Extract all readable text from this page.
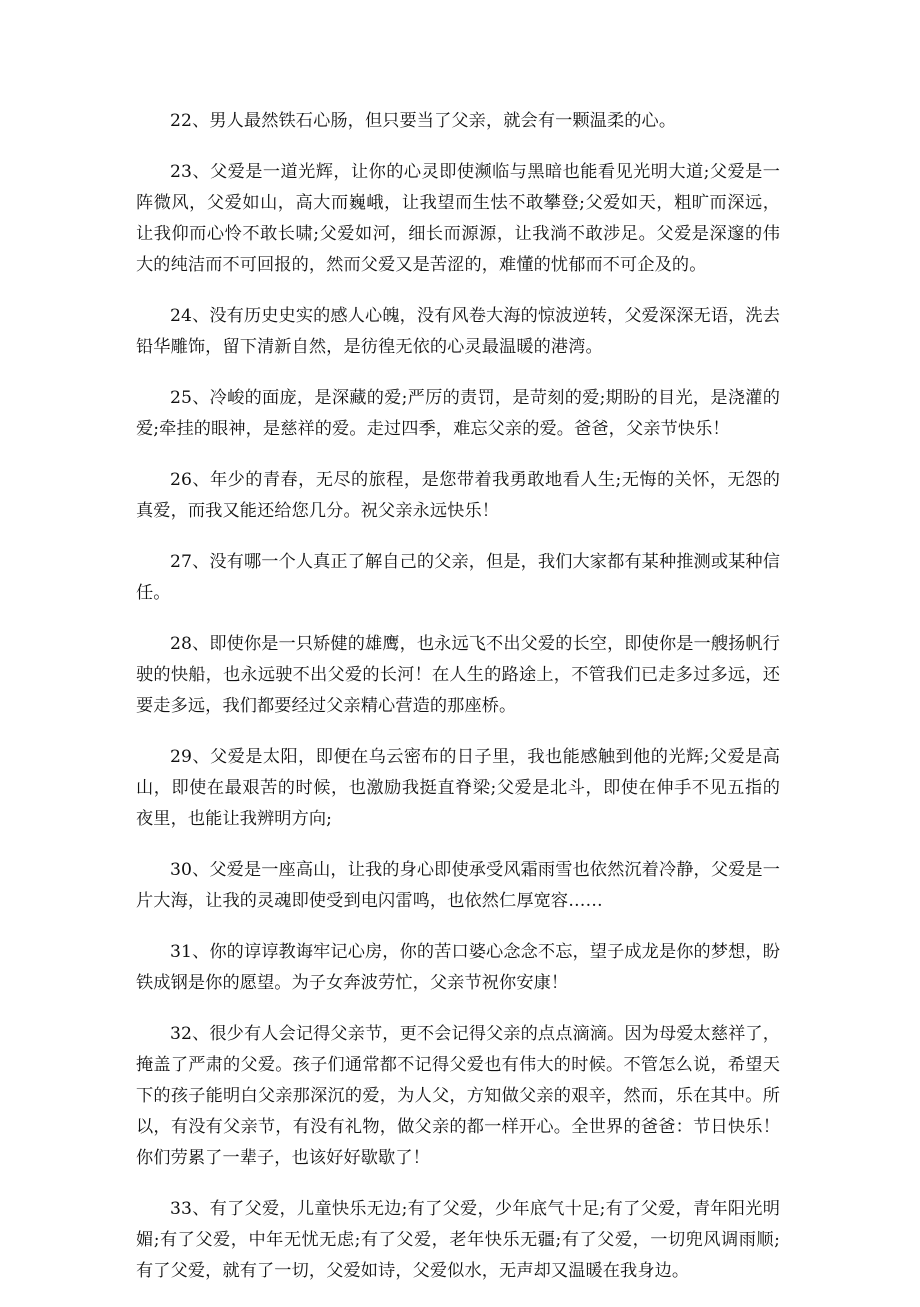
22、男人最然铁石心肠，但只要当了父亲，就会有一颗温柔的心。

23、父爱是一道光辉，让你的心灵即使濒临与黑暗也能看见光明大道;父爱是一阵微风，父爱如山，高大而巍峨，让我望而生怯不敢攀登;父爱如天，粗旷而深远，让我仰而心怜不敢长啸;父爱如河，细长而源源，让我淌不敢涉足。父爱是深邃的伟大的纯洁而不可回报的，然而父爱又是苦涩的，难懂的忧郁而不可企及的。

24、没有历史史实的感人心魄，没有风卷大海的惊波逆转，父爱深深无语，洗去铅华雕饰，留下清新自然，是彷徨无依的心灵最温暖的港湾。

25、冷峻的面庞，是深藏的爱;严厉的责罚，是苛刻的爱;期盼的目光，是浇灌的爱;牵挂的眼神，是慈祥的爱。走过四季，难忘父亲的爱。爸爸，父亲节快乐！

26、年少的青春，无尽的旅程，是您带着我勇敢地看人生;无悔的关怀，无怨的真爱，而我又能还给您几分。祝父亲永远快乐！

27、没有哪一个人真正了解自己的父亲，但是，我们大家都有某种推测或某种信任。

28、即使你是一只矫健的雄鹰，也永远飞不出父爱的长空，即使你是一艘扬帆行驶的快船，也永远驶不出父爱的长河！在人生的路途上，不管我们已走多过多远，还要走多远，我们都要经过父亲精心营造的那座桥。

29、父爱是太阳，即便在乌云密布的日子里，我也能感触到他的光辉;父爱是高山，即使在最艰苦的时候，也激励我挺直脊梁;父爱是北斗，即使在伸手不见五指的夜里，也能让我辨明方向;

30、父爱是一座高山，让我的身心即使承受风霜雨雪也依然沉着冷静，父爱是一片大海，让我的灵魂即使受到电闪雷鸣，也依然仁厚宽容……

31、你的谆谆教诲牢记心房，你的苦口婆心念念不忘，望子成龙是你的梦想，盼铁成钢是你的愿望。为子女奔波劳忙，父亲节祝你安康！

32、很少有人会记得父亲节，更不会记得父亲的点点滴滴。因为母爱太慈祥了，掩盖了严肃的父爱。孩子们通常都不记得父爱也有伟大的时候。不管怎么说，希望天下的孩子能明白父亲那深沉的爱，为人父，方知做父亲的艰辛，然而，乐在其中。所以，有没有父亲节，有没有礼物，做父亲的都一样开心。全世界的爸爸：节日快乐！你们劳累了一辈子，也该好好歇歇了！

33、有了父爱，儿童快乐无边;有了父爱，少年底气十足;有了父爱，青年阳光明媚;有了父爱，中年无忧无虑;有了父爱，老年快乐无疆;有了父爱，一切兜风调雨顺;有了父爱，就有了一切，父爱如诗，父爱似水，无声却又温暖在我身边。
